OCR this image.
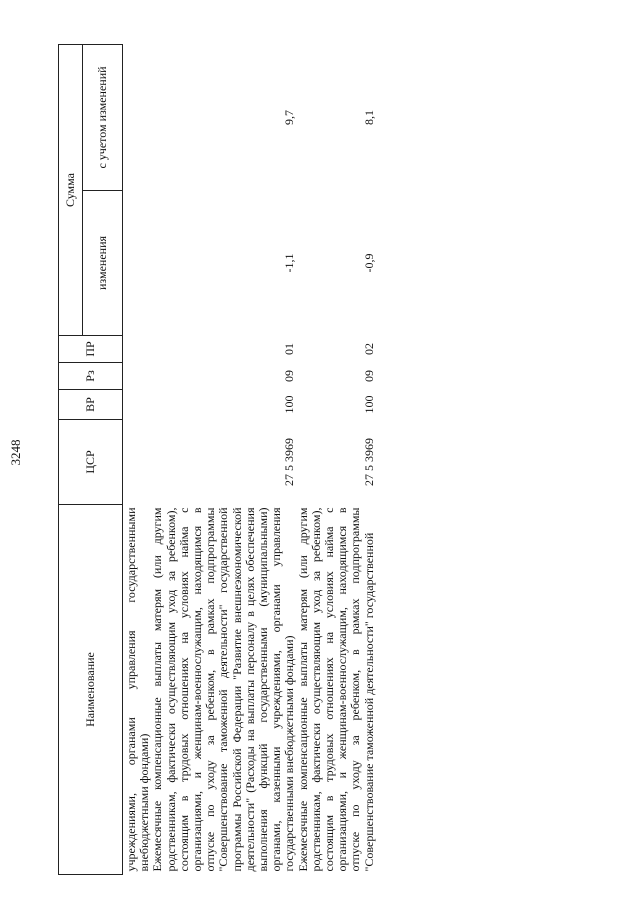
3248
Наименование	ЦСР	ВР	Рз	ПР	Сумма	
					изменения	с учетом изменений
учреждениями, органами управления государственными внебюджетными фондами)						
Ежемесячные компенсационные выплаты матерям (или другим родственникам, фактически осуществляющим уход за ребенком), состоящим в трудовых отношениях на условиях найма с организациями, и женщинам-военнослужащим, находящимся в отпуске по уходу за ребенком, в рамках подпрограммы "Совершенствование таможенной деятельности" государственной программы Российской Федерации "Развитие внешнеэкономической деятельности" (Расходы на выплаты персоналу в целях обеспечения выполнения функций государственными (муниципальными) органами, казенными учреждениями, органами управления государственными внебюджетными фондами)	27 5 3969	100	09	01	-1,1	9,7
Ежемесячные компенсационные выплаты матерям (или другим родственникам, фактически осуществляющим уход за ребенком), состоящим в трудовых отношениях на условиях найма с организациями, и женщинам-военнослужащим, находящимся в отпуске по уходу за ребенком, в рамках подпрограммы "Совершенствование таможенной деятельности" государственной	27 5 3969	100	09	02	-0,9	8,1
